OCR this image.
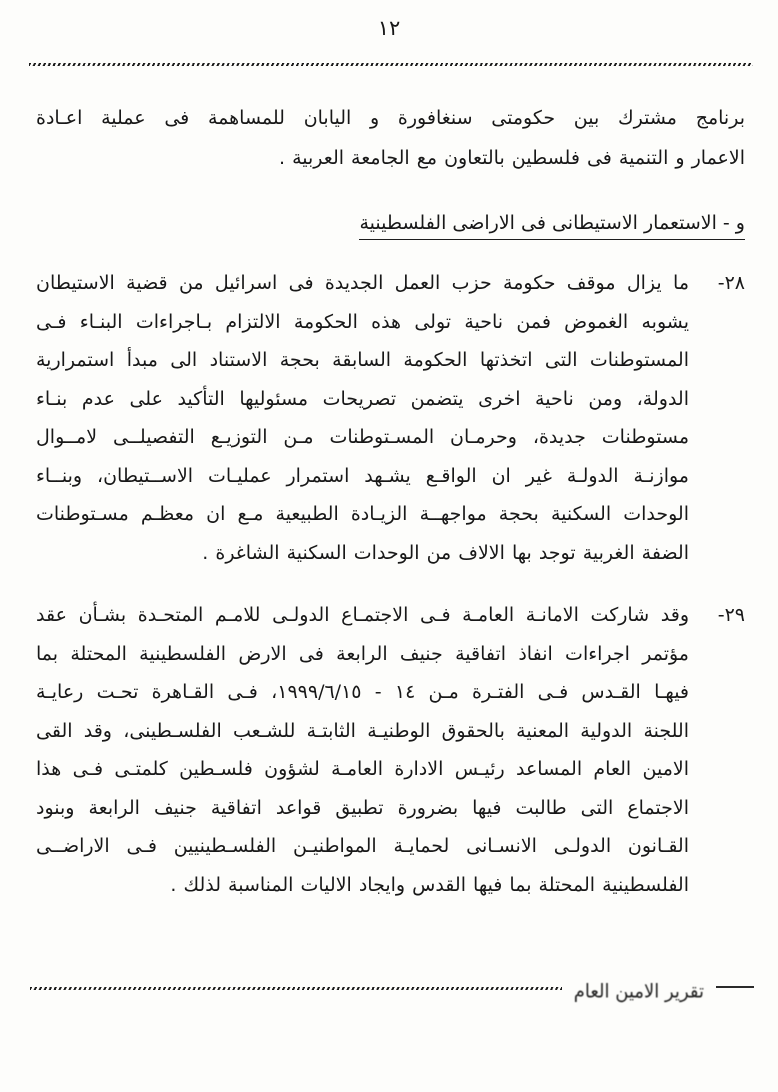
١٢
برنامج مشترك بين حكومتى سنغافورة و اليابان للمساهمة فى عملية اعـادة
الاعمار و التنمية فى فلسطين بالتعاون مع الجامعة العربية .
و - الاستعمار الاستيطانى فى الاراضى الفلسطينية
٢٨-
ما يزال موقف حكومة حزب العمل الجديدة فى اسرائيل من قضية الاستيطان
يشوبه الغموض فمن ناحية تولى هذه الحكومة الالتزام بـاجراءات البنـاء فـى
المستوطنات التى اتخذتها الحكومة السابقة بحجة الاستناد الى مبدأ استمرارية
الدولة، ومن ناحية اخرى يتضمن تصريحات مسئوليها التأكيد على عدم بنـاء
مستوطنات جديدة، وحرمـان المسـتوطنات مـن التوزيـع التفصيلــى لامــوال
موازنـة الدولـة غير ان الواقـع يشـهد استمرار عمليـات الاســتيطان، وبنــاء
الوحدات السكنية بحجة مواجهــة الزيـادة الطبيعية مـع ان معظـم مسـتوطنات
الضفة الغربية توجد بها الالاف من الوحدات السكنية الشاغرة .
٢٩-
وقد شاركت الامانـة العامـة فـى الاجتمـاع الدولـى للامـم المتحـدة بشـأن عقد
مؤتمر اجراءات انفاذ اتفاقية جنيف الرابعة فى الارض الفلسطينية المحتلة بما
فيهـا القـدس فـى الفتـرة مـن ١٤ - ١٩٩٩/٦/١٥، فـى القـاهرة تحـت رعايـة
اللجنة الدولية المعنية بالحقوق الوطنيـة الثابتـة للشـعب الفلسـطينى، وقد القى
الامين العام المساعد رئيـس الادارة العامـة لشؤون فلسـطين كلمتـى فـى هذا
الاجتماع التى طالبت فيها بضرورة تطبيق قواعد اتفاقية جنيف الرابعة وبنود
القـانون الدولـى الانسـانى لحمايـة المواطنيـن الفلسـطينيين فـى الاراضــى
الفلسطينية المحتلة بما فيها القدس وايجاد الاليات المناسبة لذلك .
تقرير الامين العام
